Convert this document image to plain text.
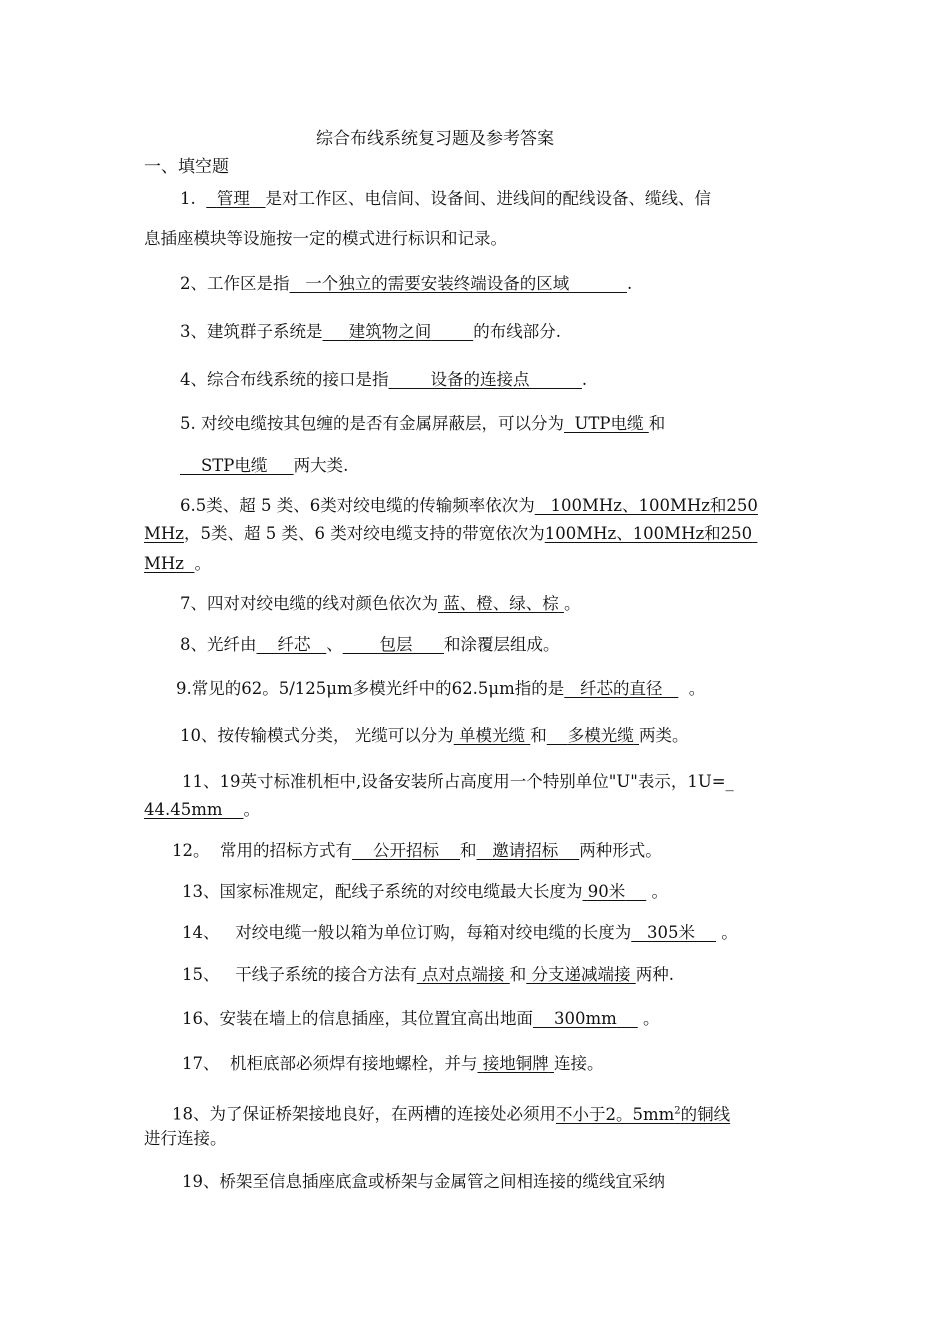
综合布线系统复习题及参考答案
一、填空题
1. 管理 是对工作区、电信间、设备间、进线间的配线设备、缆线、信
息插座模块等设施按一定的模式进行标识和记录。
2、工作区是指 一个独立的需要安装终端设备的区域	.
3、建筑群子系统是 建筑物之间	的布线部分.
4、综合布线系统的接口是指	设备的连接点	.
5. 对绞电缆按其包缠的是否有金属屏蔽层，可以分为 UTP电缆 和
STP电缆 两大类.
6.5类、超 5 类、6类对绞电缆的传输频率依次为 100MHz、100MHz和250
MHz，5类、超 5 类、6 类对绞电缆支持的带宽依次为100MHz、100MHz和250
MHz 。
7、四对对绞电缆的线对颜色依次为 蓝、橙、绿、棕 。
8、光纤由 纤芯 、 包层 和涂覆层组成。
9.常见的62。5/125μm多模光纤中的62.5μm指的是 纤芯的直径 。
10、按传输模式分类， 光缆可以分为 单模光缆 和 多模光缆 两类。
11、19英寸标准机柜中,设备安装所占高度用一个特别单位"U"表示，1U=_
44.45mm 。
12。 常用的招标方式有 公开招标 和 邀请招标 两种形式。
13、国家标准规定，配线子系统的对绞电缆最大长度为 90米 。
14、 对绞电缆一般以箱为单位订购，每箱对绞电缆的长度为 305米 。
15、 干线子系统的接合方法有 点对点端接 和 分支递减端接 两种.
16、安装在墙上的信息插座，其位置宜高出地面 300mm 。
17、 机柜底部必须焊有接地螺栓，并与 接地铜牌 连接。
18、为了保证桥架接地良好，在两槽的连接处必须用不小于2。$5mm^2$的铜线
进行连接。
19、桥架至信息插座底盒或桥架与金属管之间相连接的缆线宜采纳
